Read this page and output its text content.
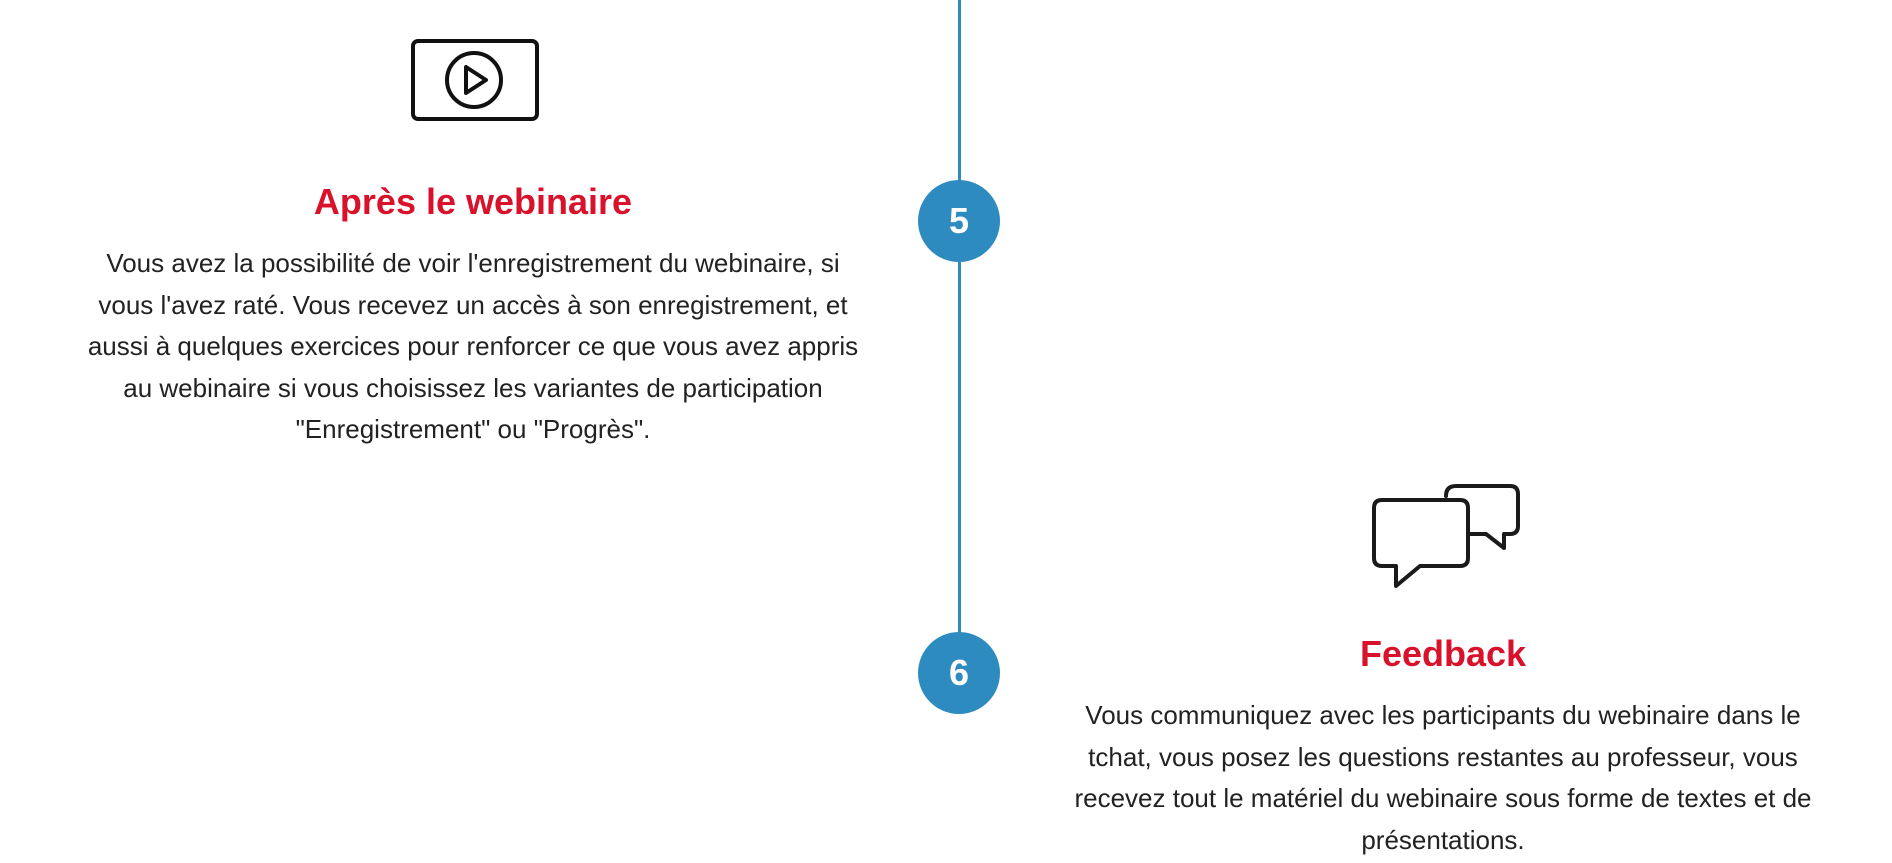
5
6
Après le webinaire

Vous avez la possibilité de voir l'enregistrement du webinaire, si vous l'avez raté. Vous recevez un accès à son enregistrement, et aussi à quelques exercices pour renforcer ce que vous avez appris au webinaire si vous choisissez les variantes de participation "Enregistrement" ou "Progrès".

Feedback

Vous communiquez avec les participants du webinaire dans le tchat, vous posez les questions restantes au professeur, vous recevez tout le matériel du webinaire sous forme de textes et de présentations.
